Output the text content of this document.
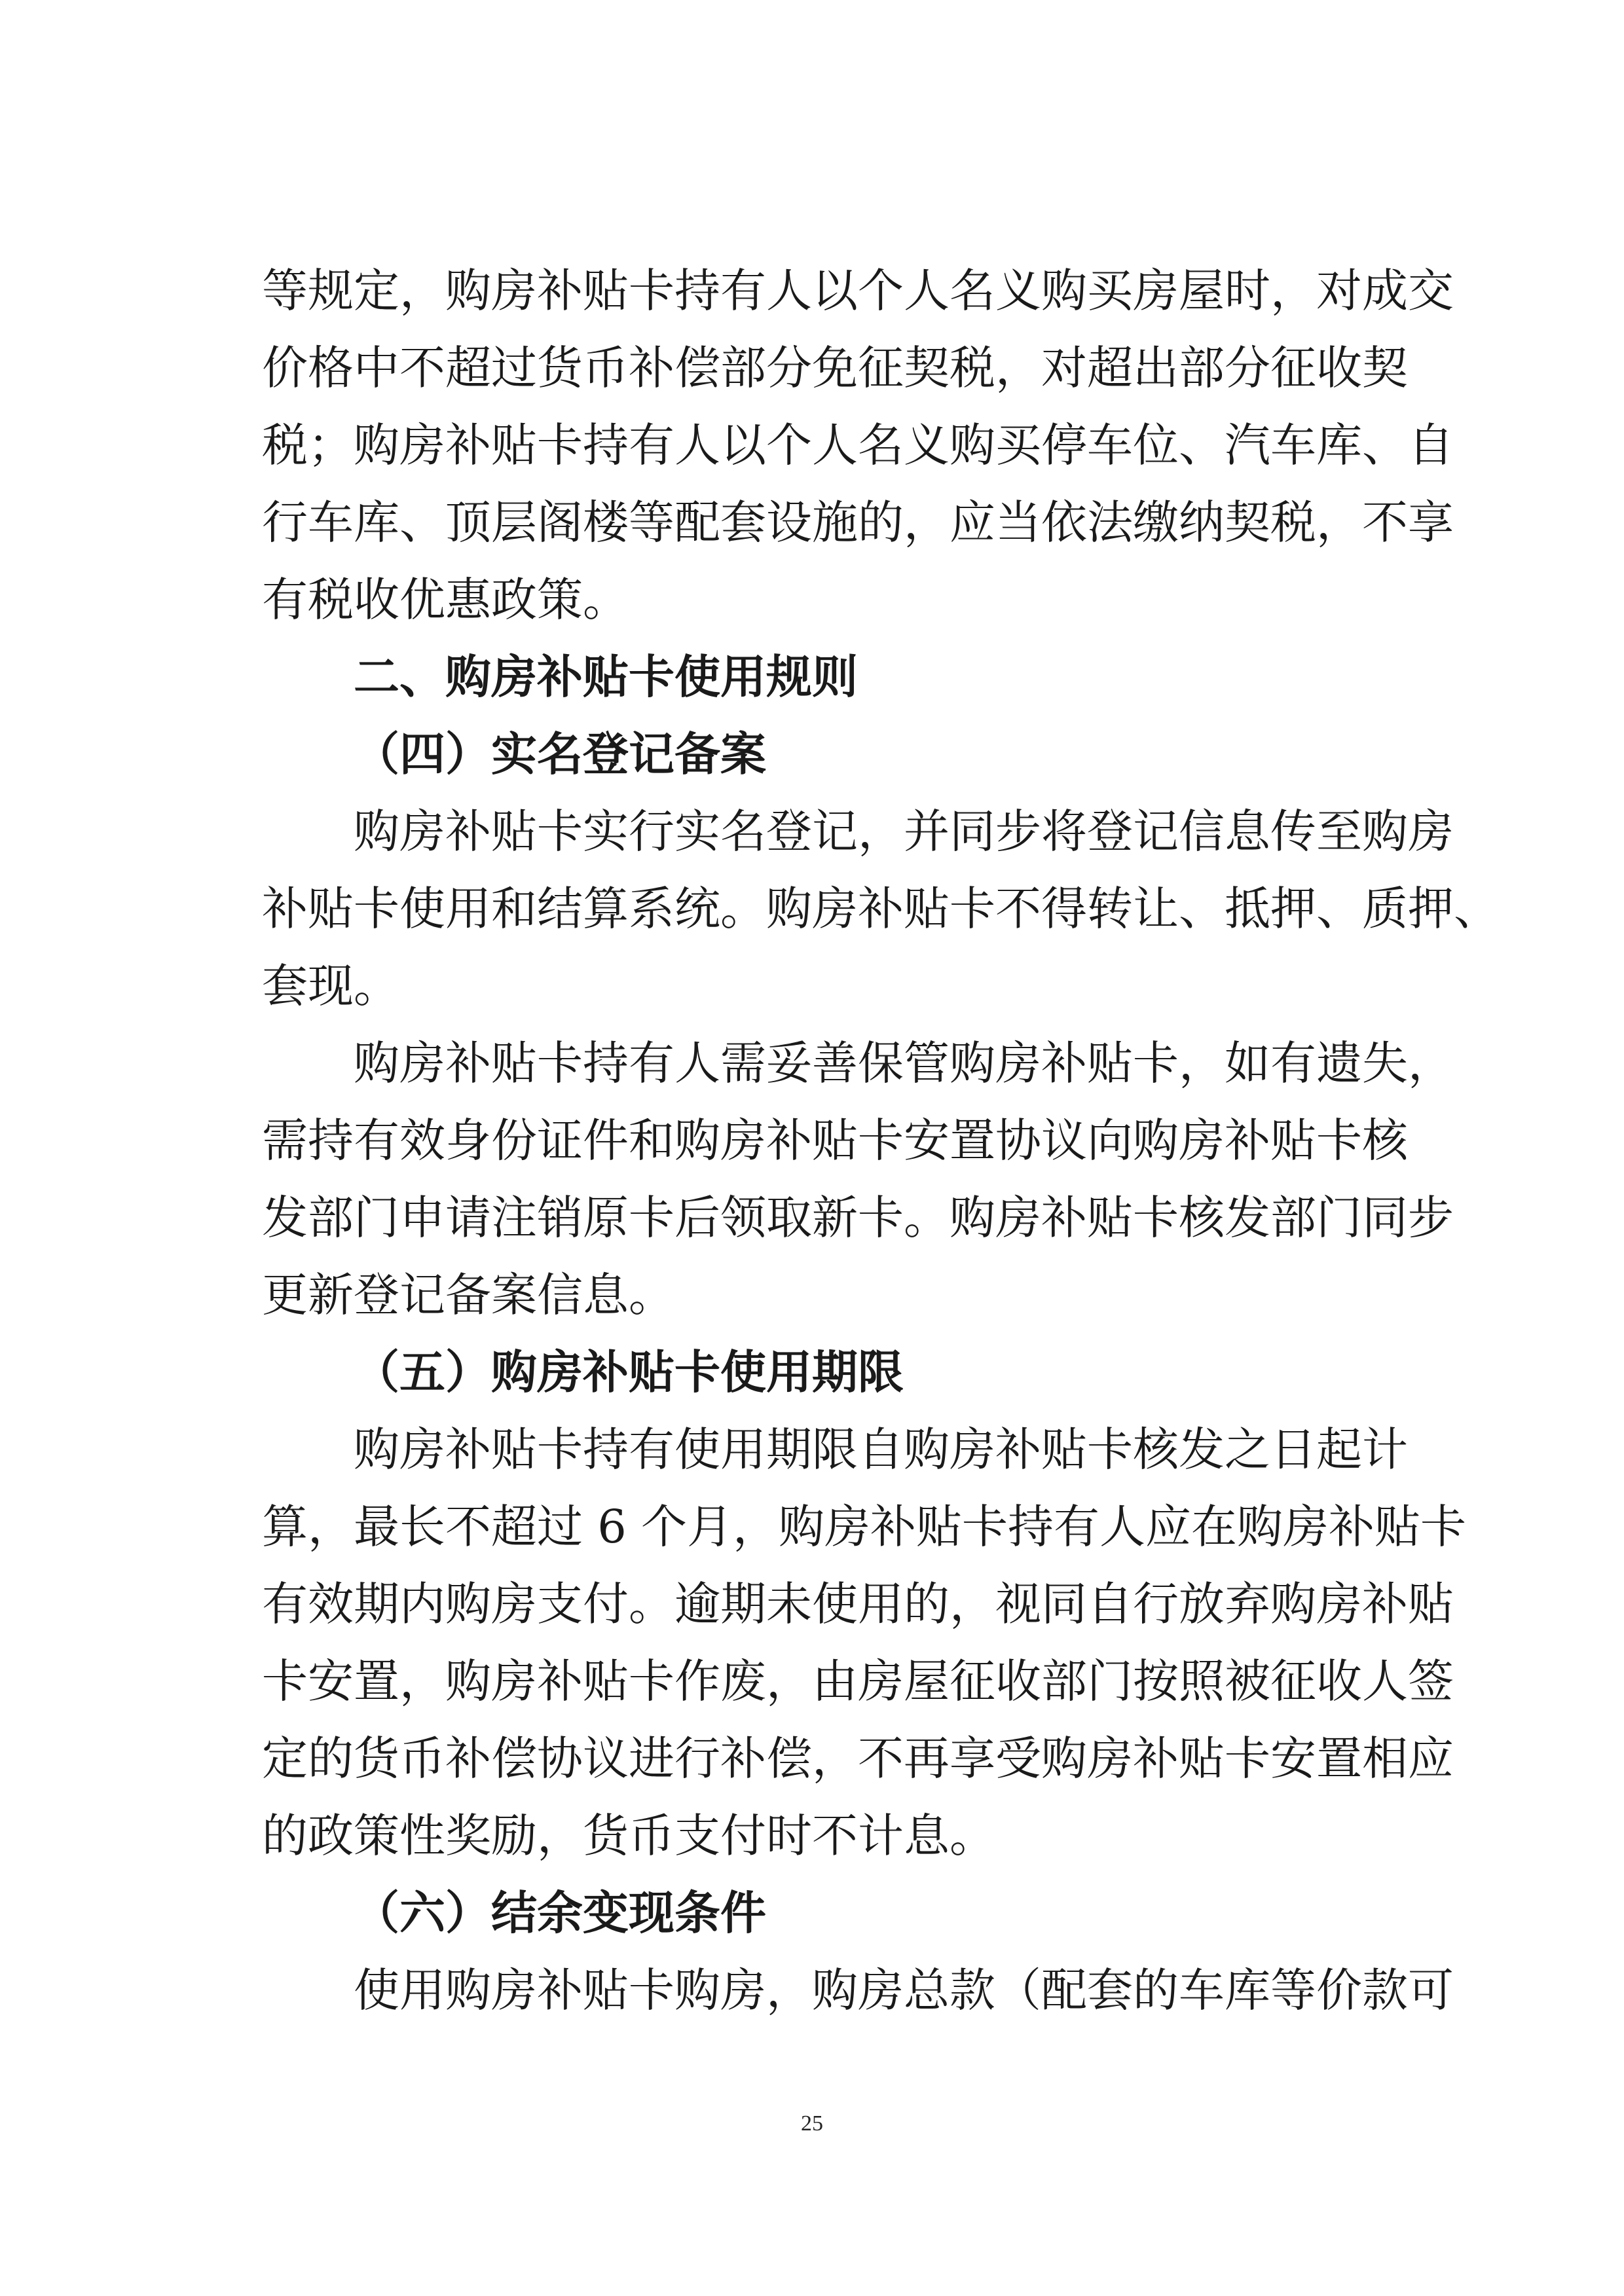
等规定，购房补贴卡持有人以个人名义购买房屋时，对成交
价格中不超过货币补偿部分免征契税，对超出部分征收契
税；购房补贴卡持有人以个人名义购买停车位、汽车库、自
行车库、顶层阁楼等配套设施的，应当依法缴纳契税，不享
有税收优惠政策。
二、购房补贴卡使用规则
（四）实名登记备案
购房补贴卡实行实名登记，并同步将登记信息传至购房
补贴卡使用和结算系统。购房补贴卡不得转让、抵押、质押、
套现。
购房补贴卡持有人需妥善保管购房补贴卡，如有遗失，
需持有效身份证件和购房补贴卡安置协议向购房补贴卡核
发部门申请注销原卡后领取新卡。购房补贴卡核发部门同步
更新登记备案信息。
（五）购房补贴卡使用期限
购房补贴卡持有使用期限自购房补贴卡核发之日起计
算，最长不超过 6 个月，购房补贴卡持有人应在购房补贴卡
有效期内购房支付。逾期未使用的，视同自行放弃购房补贴
卡安置，购房补贴卡作废，由房屋征收部门按照被征收人签
定的货币补偿协议进行补偿，不再享受购房补贴卡安置相应
的政策性奖励，货币支付时不计息。
（六）结余变现条件
使用购房补贴卡购房，购房总款（配套的车库等价款可
25
